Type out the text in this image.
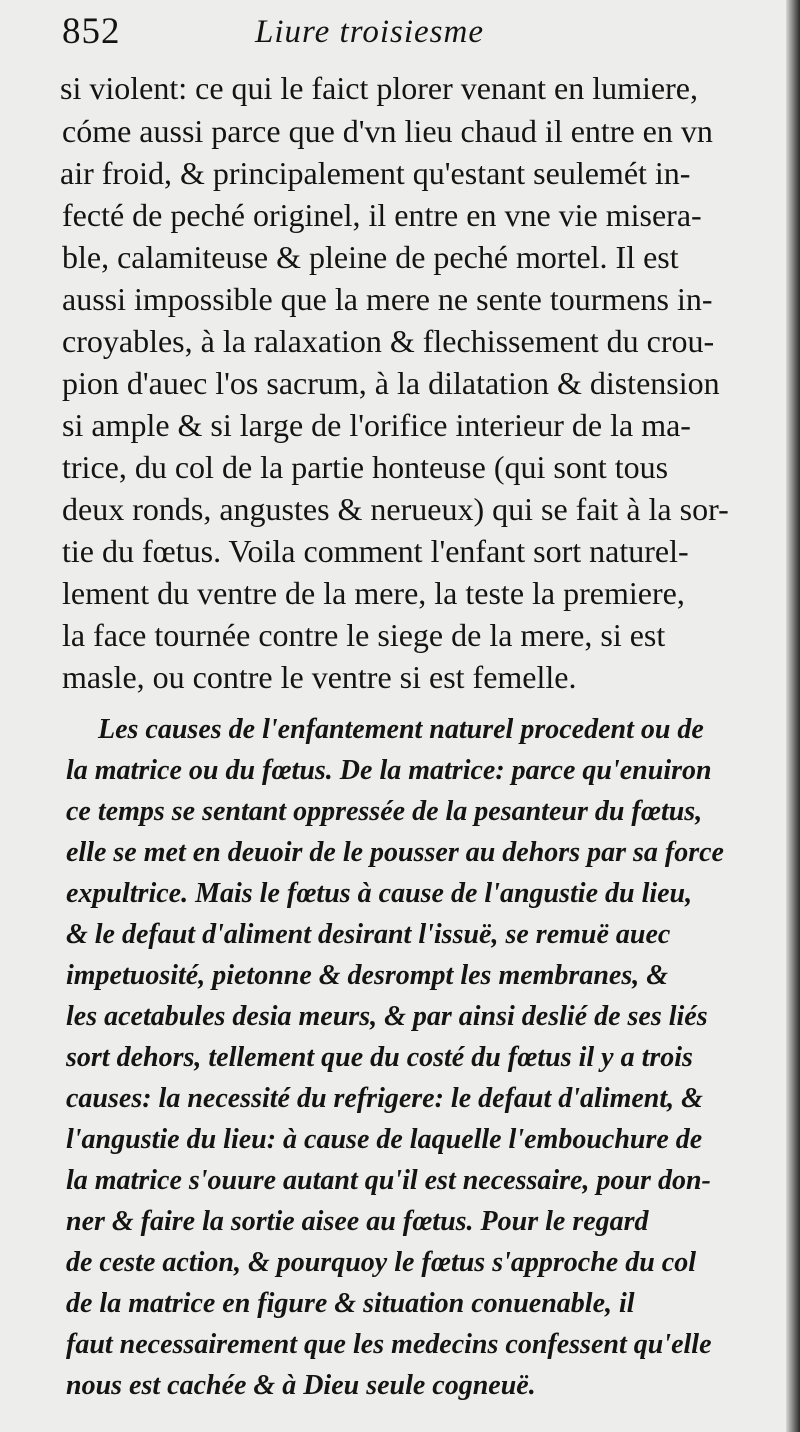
852	Liure troisiesme

si violent: ce qui le faict plorer venant en lumiere,

cóme aussi parce que d'vn lieu chaud il entre en vn

air froid, & principalement qu'estant seulemét in-

fecté de peché originel, il entre en vne vie misera-

ble, calamiteuse & pleine de peché mortel. Il est

aussi impossible que la mere ne sente tourmens in-

croyables, à la ralaxation & flechissement du crou-

pion d'auec l'os sacrum, à la dilatation & distension

si ample & si large de l'orifice interieur de la ma-

trice, du col de la partie honteuse (qui sont tous

deux ronds, angustes & nerueux) qui se fait à la sor-

tie du fœtus. Voila comment l'enfant sort naturel-

lement du ventre de la mere, la teste la premiere,

la face tournée contre le siege de la mere, si est

masle, ou contre le ventre si est femelle.

Les causes de l'enfantement naturel procedent ou de

la matrice ou du fœtus. De la matrice: parce qu'enuiron

ce temps se sentant oppressée de la pesanteur du fœtus,

elle se met en deuoir de le pousser au dehors par sa force

expultrice. Mais le fœtus à cause de l'angustie du lieu,

& le defaut d'aliment desirant l'issuë, se remuë auec

impetuosité, pietonne & desrompt les membranes, &

les acetabules desia meurs, & par ainsi deslié de ses liés

sort dehors, tellement que du costé du fœtus il y a trois

causes: la necessité du refrigere: le defaut d'aliment, &

l'angustie du lieu: à cause de laquelle l'embouchure de

la matrice s'ouure autant qu'il est necessaire, pour don-

ner & faire la sortie aisee au fœtus. Pour le regard

de ceste action, & pourquoy le fœtus s'approche du col

de la matrice en figure & situation conuenable, il

faut necessairement que les medecins confessent qu'elle

nous est cachée & à Dieu seule cogneuë.
